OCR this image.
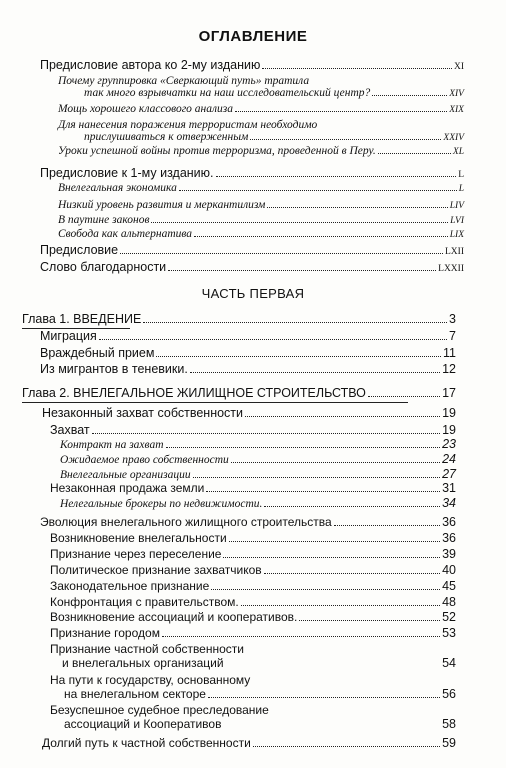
ОГЛАВЛЕНИЕ
Предисловие автора ко 2-му изданию	XI
Почему группировка «Сверкающий путь» тратила
так много взрывчатки на наш исследовательский центр?	XIV
Мощь хорошего классового анализа	XIX
Для нанесения поражения террористам необходимо
прислушиваться к отверженным	XXIV
Уроки успешной войны против терроризма, проведенной в Перу.	XL
Предисловие к 1-му изданию.	L
Внелегальная экономика	L
Низкий уровень развития и меркантилизм	LIV
В паутине законов	LVI
Свобода как альтернатива	LIX
Предисловие	LXII
Слово благодарности	LXXII
ЧАСТЬ ПЕРВАЯ
Глава 1. ВВЕДЕНИЕ	3
Миграция	7
Враждебный прием	11
Из мигрантов в теневики.	12
Глава 2. ВНЕЛЕГАЛЬНОЕ ЖИЛИЩНОЕ СТРОИТЕЛЬСТВО	17
Незаконный захват собственности	19
Захват	19
Контракт на захват	23
Ожидаемое право собственности	24
Внелегальные организации	27
Незаконная продажа земли	31
Нелегальные брокеры по недвижимости.	34
Эволюция внелегального жилищного строительства	36
Возникновение внелегальности	36
Признание через переселение	39
Политическое признание захватчиков	40
Законодательное признание	45
Конфронтация с правительством.	48
Возникновение ассоциаций и кооперативов.	52
Признание городом	53
Признание частной собственности
и внелегальных организаций	54
На пути к государству, основанному
на внелегальном секторе	56
Безуспешное судебное преследование
ассоциаций и Кооперативов	58
Долгий путь к частной собственности	59
